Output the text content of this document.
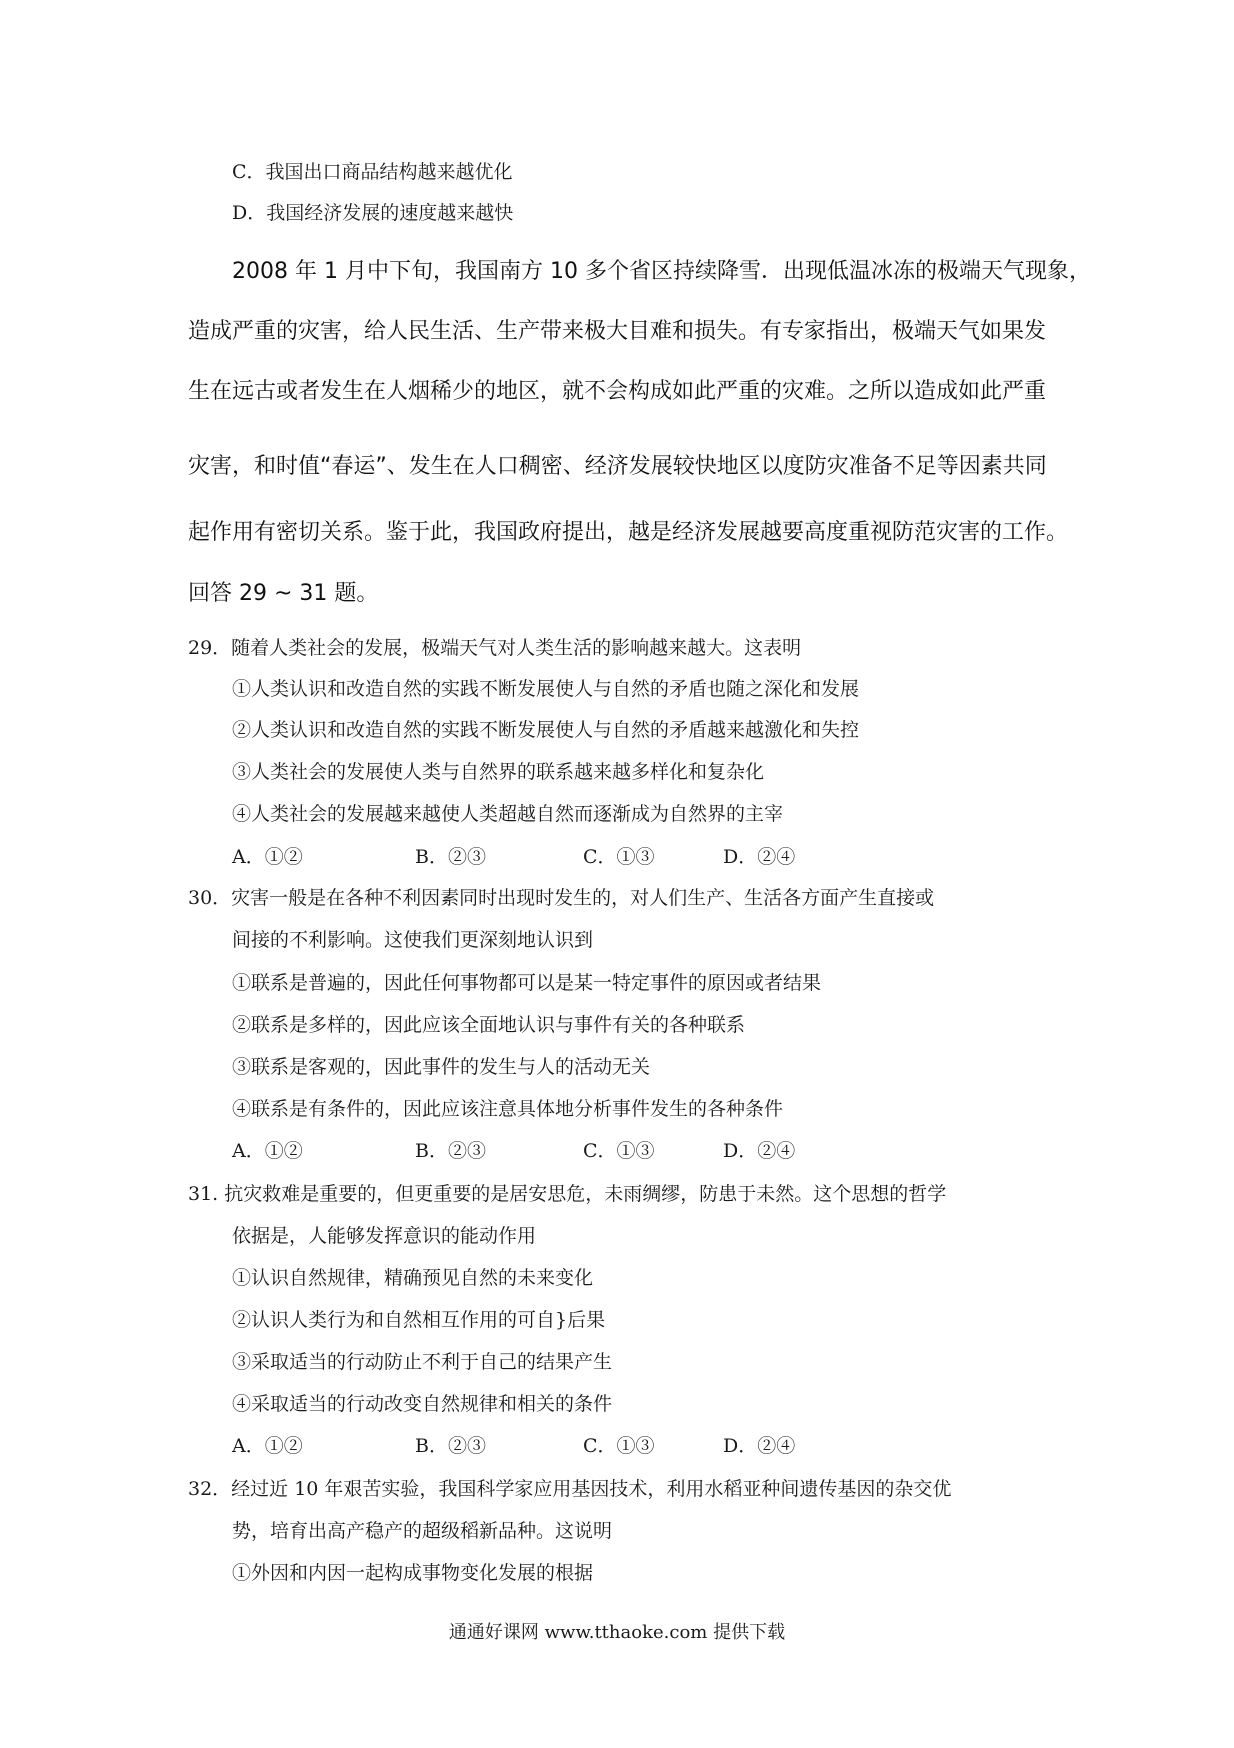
C．我国出口商品结构越来越优化
D．我国经济发展的速度越来越快
2008 年 1 月中下旬，我国南方 10 多个省区持续降雪．出现低温冰冻的极端天气现象，
造成严重的灾害，给人民生活、生产带来极大目难和损失。有专家指出，极端天气如果发
生在远古或者发生在人烟稀少的地区，就不会构成如此严重的灾难。之所以造成如此严重
灾害，和时值“春运”、发生在人口稠密、经济发展较快地区以度防灾准备不足等因素共同
起作用有密切关系。鉴于此，我国政府提出，越是经济发展越要高度重视防范灾害的工作。
回答 29 ~ 31 题。
29．随着人类社会的发展，极端天气对人类生活的影响越来越大。这表明
①人类认识和改造自然的实践不断发展使人与自然的矛盾也随之深化和发展
②人类认识和改造自然的实践不断发展使人与自然的矛盾越来越激化和失控
③人类社会的发展使人类与自然界的联系越来越多样化和复杂化
④人类社会的发展越来越使人类超越自然而逐渐成为自然界的主宰
A．①②	B．②③	C．①③	D．②④
30．灾害一般是在各种不利因素同时出现时发生的，对人们生产、生活各方面产生直接或
间接的不利影响。这使我们更深刻地认识到
①联系是普遍的，因此任何事物都可以是某一特定事件的原因或者结果
②联系是多样的，因此应该全面地认识与事件有关的各种联系
③联系是客观的，因此事件的发生与人的活动无关
④联系是有条件的，因此应该注意具体地分析事件发生的各种条件
A．①②	B．②③	C．①③	D．②④
31. 抗灾救难是重要的，但更重要的是居安思危，未雨绸缪，防患于未然。这个思想的哲学
依据是，人能够发挥意识的能动作用
①认识自然规律，精确预见自然的未来变化
②认识人类行为和自然相互作用的可自}后果
③采取适当的行动防止不利于自己的结果产生
④采取适当的行动改变自然规律和相关的条件
A．①②	B．②③	C．①③	D．②④
32．经过近 10 年艰苦实验，我国科学家应用基因技术，利用水稻亚种间遗传基因的杂交优
势，培育出高产稳产的超级稻新品种。这说明
①外因和内因一起构成事物变化发展的根据
通通好课网 www.tthaoke.com 提供下载
